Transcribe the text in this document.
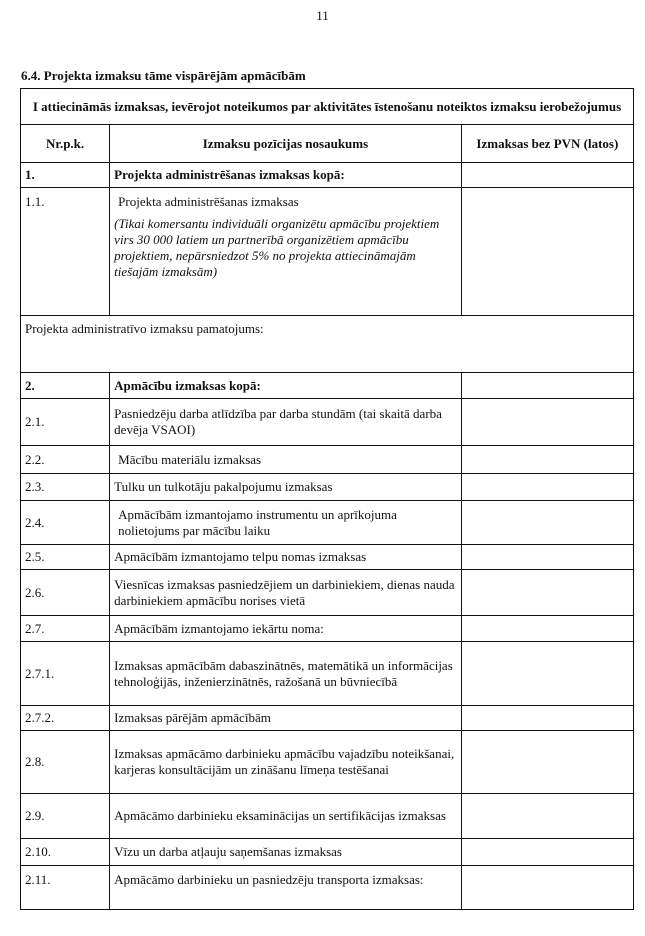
11
6.4. Projekta izmaksu tāme vispārējām apmācībām
I attiecināmās izmaksas, ievērojot noteikumos par aktivitātes īstenošanu noteiktos izmaksu ierobežojumus		
Nr.p.k.	Izmaksu pozīcijas nosaukums	Izmaksas bez PVN (latos)
1.	Projekta administrēšanas izmaksas kopā:	
1.1.	Projekta administrēšanas izmaksas
(Tikai komersantu individuāli organizētu apmācību projektiem virs 30 000 latiem un partnerībā organizētiem apmācību projektiem, nepārsniedzot 5% no projekta attiecināmajām tiešajām izmaksām)	

Projekta administratīvo izmaksu pamatojums:		
2.	Apmācību izmaksas kopā:	
2.1.	Pasniedzēju darba atlīdzība par darba stundām (tai skaitā darba devēja VSAOI)	
2.2.	Mācību materiālu izmaksas	
2.3.	Tulku un tulkotāju pakalpojumu izmaksas	
2.4.	Apmācībām izmantojamo instrumentu un aprīkojuma nolietojums par mācību laiku	
2.5.	Apmācībām izmantojamo telpu nomas izmaksas	
2.6.	Viesnīcas izmaksas pasniedzējiem un darbiniekiem, dienas nauda darbiniekiem apmācību norises vietā	
2.7.	Apmācībām izmantojamo iekārtu noma:	
2.7.1.	Izmaksas apmācībām dabaszinātnēs, matemātikā un informācijas tehnoloģijās, inženierzinātnēs, ražošanā un būvniecībā	
2.7.2.	Izmaksas pārējām apmācībām	
2.8.	Izmaksas apmācāmo darbinieku apmācību vajadzību noteikšanai, karjeras konsultācijām un zināšanu līmeņa testēšanai	
2.9.	Apmācāmo darbinieku eksaminācijas un sertifikācijas izmaksas	
2.10.	Vīzu un darba atļauju saņemšanas izmaksas	
2.11.	Apmācāmo darbinieku un pasniedzēju transporta izmaksas:	
